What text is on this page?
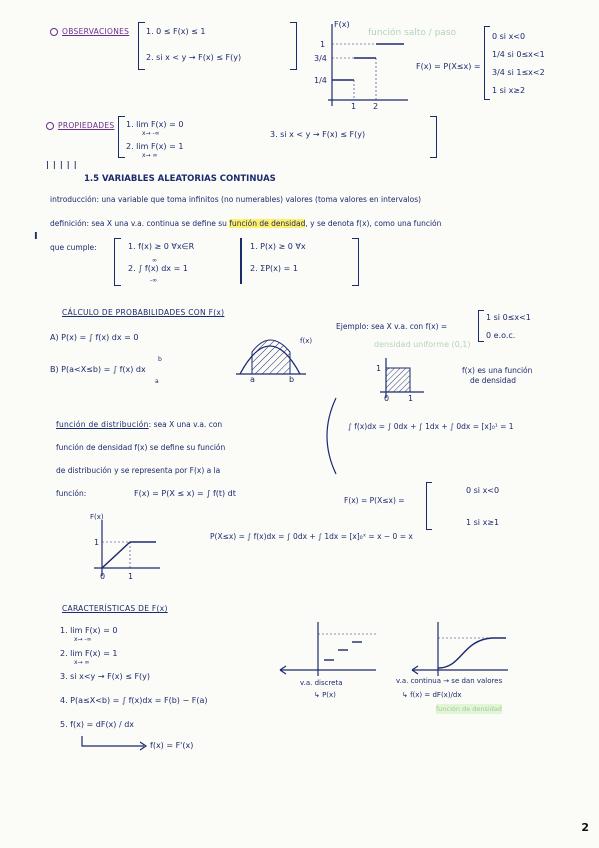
OBSERVACIONES 1. 0 ≤ F(x) ≤ 1
2. si x < y → F(x) ≤ F(y)
F(x)
1
3/4
1/4
1 2
función salto / paso
F(x) = P(X≤x) =
0 si x<0
1/4 si 0≤x<1
3/4 si 1≤x<2
1 si x≥2
PROPIEDADES 1. lim F(x) = 0
x→ -∞
2. lim F(x) = 1
x→ ∞
3. si x < y → F(x) ≤ F(y)
|||||
1.5 VARIABLES ALEATORIAS CONTINUAS
introducción: una variable que toma infinitos (no numerables) valores (toma valores en intervalos)
definición: sea X una v.a. continua se define su función de densidad, y se denota f(x), como una función
que cumple:
I
1. f(x) ≥ 0 ∀x∈R
2. ∫ f(x) dx = 1
∞
-∞
1. P(x) ≥ 0 ∀x
2. ΣP(x) = 1
CÁLCULO DE PROBABILIDADES CON F(x)
A) P(x) = ∫ f(x) dx = 0
B) P(a<X≤b) = ∫ f(x) dx
b
a
f(x)
a	b
Ejemplo: sea X v.a. con f(x) =
1 si 0≤x<1
0 e.o.c.
densidad uniforme (0,1)
1
0 1
f(x) es una función
de densidad
∫ f(x)dx = ∫ 0dx + ∫ 1dx + ∫ 0dx = [x]₀¹ = 1
función de distribución: sea X una v.a. con
función de densidad f(x) se define su función
de distribución y se representa por F(x) a la
función:	F(x) = P(X ≤ x) = ∫ f(t) dt
F(x)
1
0	1
F(x) = P(X≤x) =
0 si x<0
1 si x≥1
P(X≤x) = ∫ f(x)dx = ∫ 0dx + ∫ 1dx = [x]₀ˣ = x − 0 = x
CARACTERÍSTICAS DE F(x)
1. lim F(x) = 0
x→ -∞
2. lim F(x) = 1
x→ ∞
3. si x<y → F(x) ≤ F(y)
4. P(a≤X<b) = ∫ f(x)dx = F(b) − F(a)
5. f(x) = dF(x) / dx
f(x) = F'(x)
v.a. discreta
↳ P(x)
v.a. continua → se dan valores
↳ f(x) = dF(x)/dx
función de densidad
2
